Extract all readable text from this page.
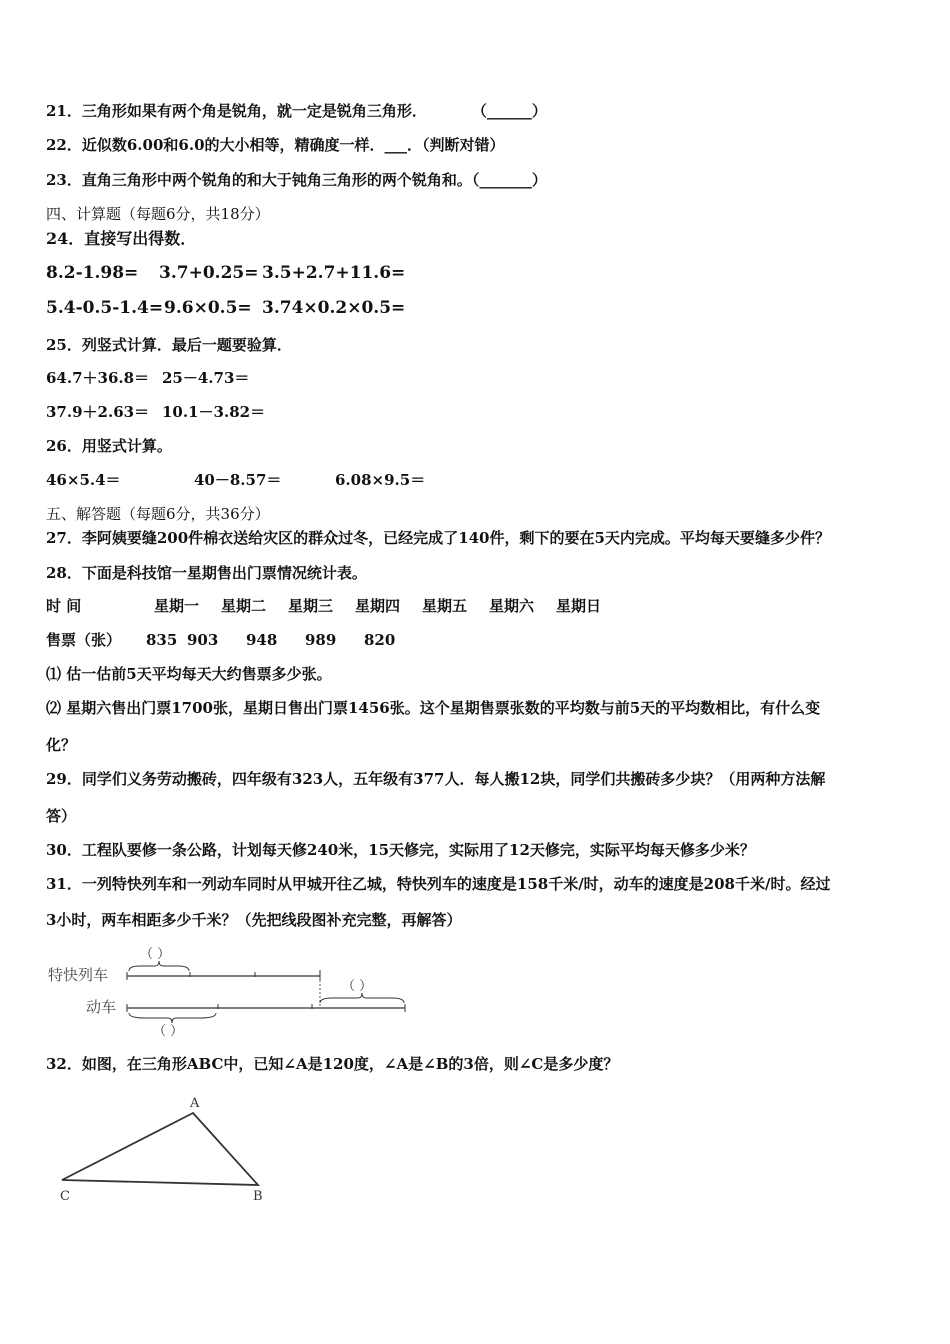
21．三角形如果有两个角是锐角，就一定是锐角三角形．　　　　（______）
22．近似数6.00和6.0的大小相等，精确度一样．___．（判断对错）
23．直角三角形中两个锐角的和大于钝角三角形的两个锐角和。（_______）
四、计算题（每题6分，共18分）
24．直接写出得数．
8.2-1.98= 3.7+0.25= 3.5+2.7+11.6=
5.4-0.5-1.4= 9.6×0.5= 3.74×0.2×0.5=
25．列竖式计算．最后一题要验算．
64.7＋36.8＝ 25－4.73＝
37.9＋2.63＝ 10.1－3.82＝
26．用竖式计算。
46×5.4＝	40－8.57＝	6.08×9.5＝
五、解答题（每题6分，共36分）
27．李阿姨要缝200件棉衣送给灾区的群众过冬，已经完成了140件，剩下的要在5天内完成。平均每天要缝多少件？
28．下面是科技馆一星期售出门票情况统计表。
时 间	星期一 星期二 星期三 星期四 星期五 星期六 星期日
售票（张） 835 903 948 989 820
⑴ 估一估前5天平均每天大约售票多少张。
⑵ 星期六售出门票1700张，星期日售出门票1456张。这个星期售票张数的平均数与前5天的平均数相比，有什么变
化？
29．同学们义务劳动搬砖，四年级有323人，五年级有377人．每人搬12块，同学们共搬砖多少块？（用两种方法解
答）
30．工程队要修一条公路，计划每天修240米，15天修完，实际用了12天修完，实际平均每天修多少米？
31．一列特快列车和一列动车同时从甲城开往乙城，特快列车的速度是158千米/时，动车的速度是208千米/时。经过
3小时，两车相距多少千米？（先把线段图补充完整，再解答）
特快列车
动车
（ ）
（ ）
（ ）
32．如图，在三角形ABC中，已知∠A是120度，∠A是∠B的3倍，则∠C是多少度？
A
C	B
